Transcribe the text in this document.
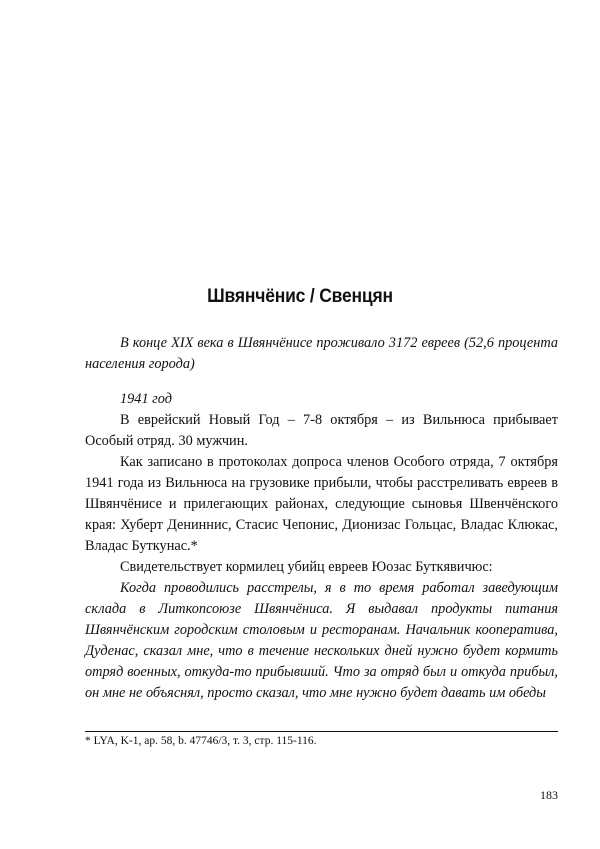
Швянчёнис / Свенцян

В конце XIX века в Швянчёнисе проживало 3172 евреев (52,6 процента населения города)

1941 год

В еврейский Новый Год – 7-8 октября – из Вильнюса прибывает Особый отряд. 30 мужчин.

Как записано в протоколах допроса членов Особого отряда, 7 октября 1941 года из Вильнюса на грузовике прибыли, чтобы расстреливать евреев в Швянчёнисе и прилегающих районах, следующие сыновья Швенчёнского края: Хуберт Дениннис, Стасис Чепонис, Дионизас Гольцас, Владас Клюкас, Владас Буткунас.*

Свидетельствует кормилец убийц евреев Юозас Буткявичюс:

Когда проводились расстрелы, я в то время работал заведующим склада в Литкопсоюзе Швянчёниса. Я выдавал продукты питания Швянчёнским городским столовым и ресторанам. Начальник кооператива, Дуденас, сказал мне, что в течение нескольких дней нужно будет кормить отряд военных, откуда-то прибывший. Что за отряд был и откуда прибыл, он мне не объяснял, просто сказал, что мне нужно будет давать им обеды

* LYA, K-1, ap. 58, b. 47746/3, т. 3, стр. 115-116.
183
